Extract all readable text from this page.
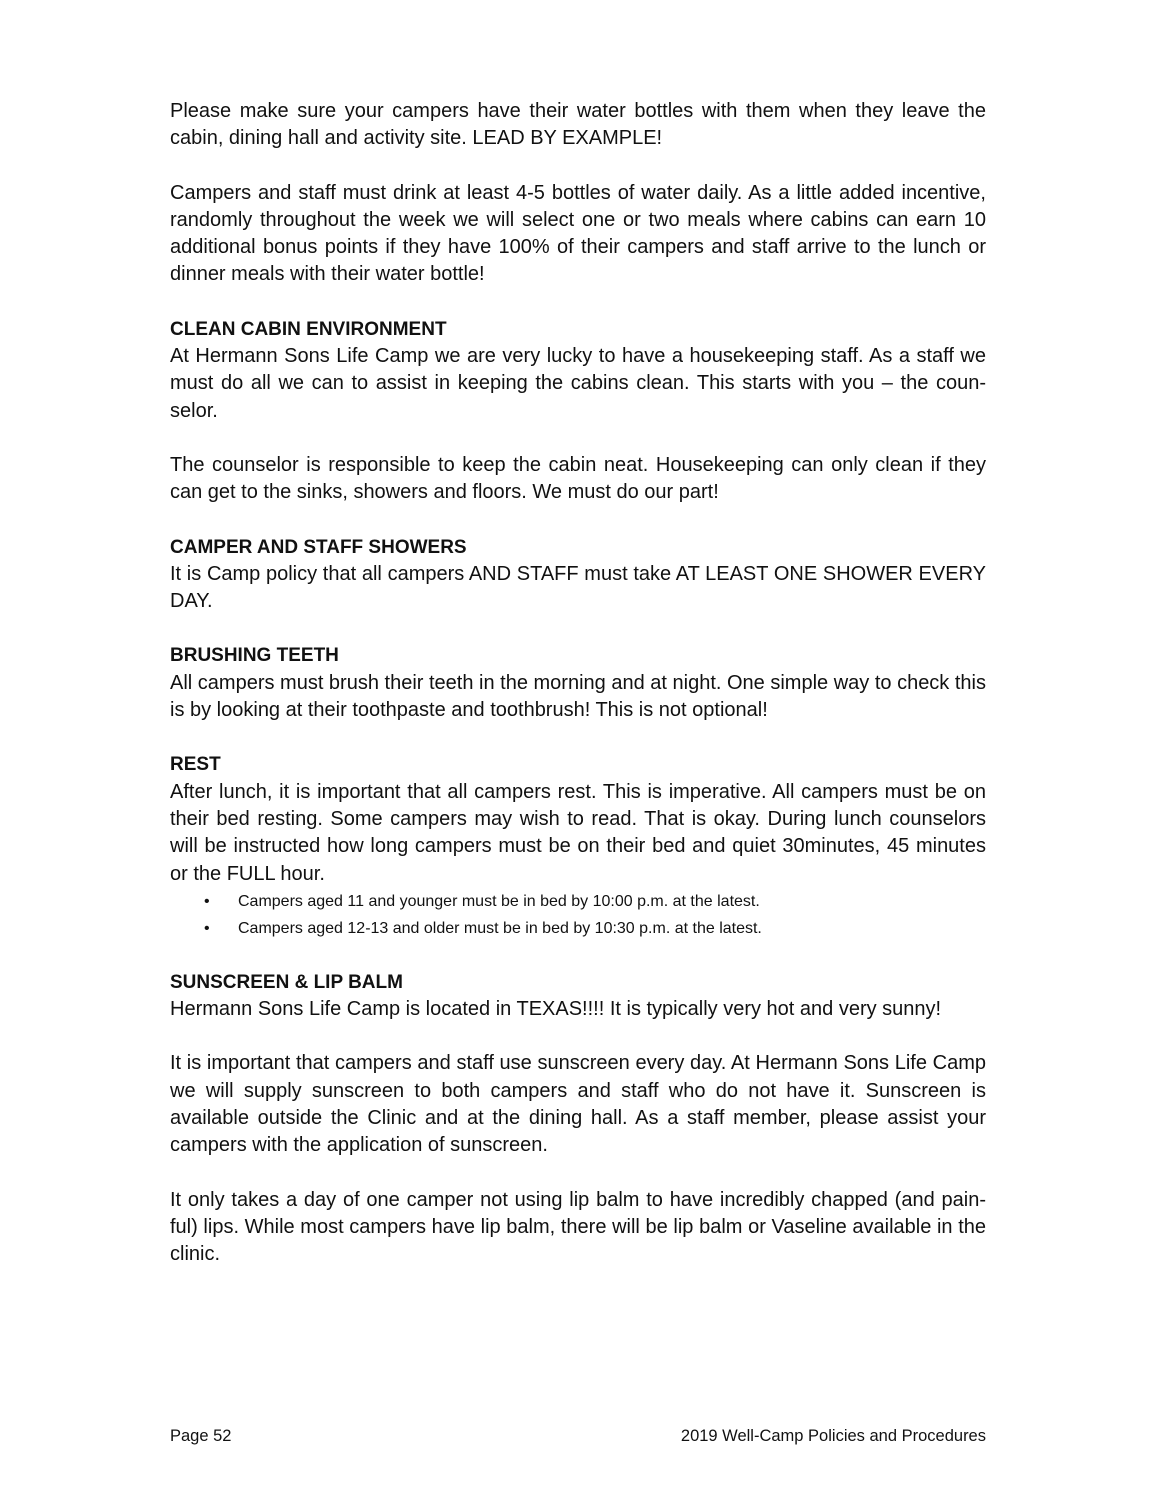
Please make sure your campers have their water bottles with them when they leave the cabin, dining hall and activity site. LEAD BY EXAMPLE!

Campers and staff must drink at least 4-5 bottles of water daily. As a little added incentive, randomly throughout the week we will select one or two meals where cabins can earn 10 additional bonus points if they have 100% of their campers and staff arrive to the lunch or dinner meals with their water bottle!

CLEAN CABIN ENVIRONMENT

At Hermann Sons Life Camp we are very lucky to have a housekeeping staff. As a staff we must do all we can to assist in keeping the cabins clean. This starts with you – the counselor.

The counselor is responsible to keep the cabin neat. Housekeeping can only clean if they can get to the sinks, showers and floors. We must do our part!

CAMPER AND STAFF SHOWERS

It is Camp policy that all campers AND STAFF must take AT LEAST ONE SHOWER EVERY DAY.

BRUSHING TEETH

All campers must brush their teeth in the morning and at night. One simple way to check this is by looking at their toothpaste and toothbrush! This is not optional!

REST

After lunch, it is important that all campers rest. This is imperative. All campers must be on their bed resting. Some campers may wish to read. That is okay. During lunch counselors will be instructed how long campers must be on their bed and quiet 30minutes, 45 minutes or the FULL hour.

• Campers aged 11 and younger must be in bed by 10:00 p.m. at the latest.
• Campers aged 12-13 and older must be in bed by 10:30 p.m. at the latest.
SUNSCREEN & LIP BALM

Hermann Sons Life Camp is located in TEXAS!!!! It is typically very hot and very sunny!

It is important that campers and staff use sunscreen every day. At Hermann Sons Life Camp we will supply sunscreen to both campers and staff who do not have it. Sunscreen is available outside the Clinic and at the dining hall. As a staff member, please assist your campers with the application of sunscreen.

It only takes a day of one camper not using lip balm to have incredibly chapped (and painful) lips. While most campers have lip balm, there will be lip balm or Vaseline available in the clinic.

Page 52	2019 Well-Camp Policies and Procedures
